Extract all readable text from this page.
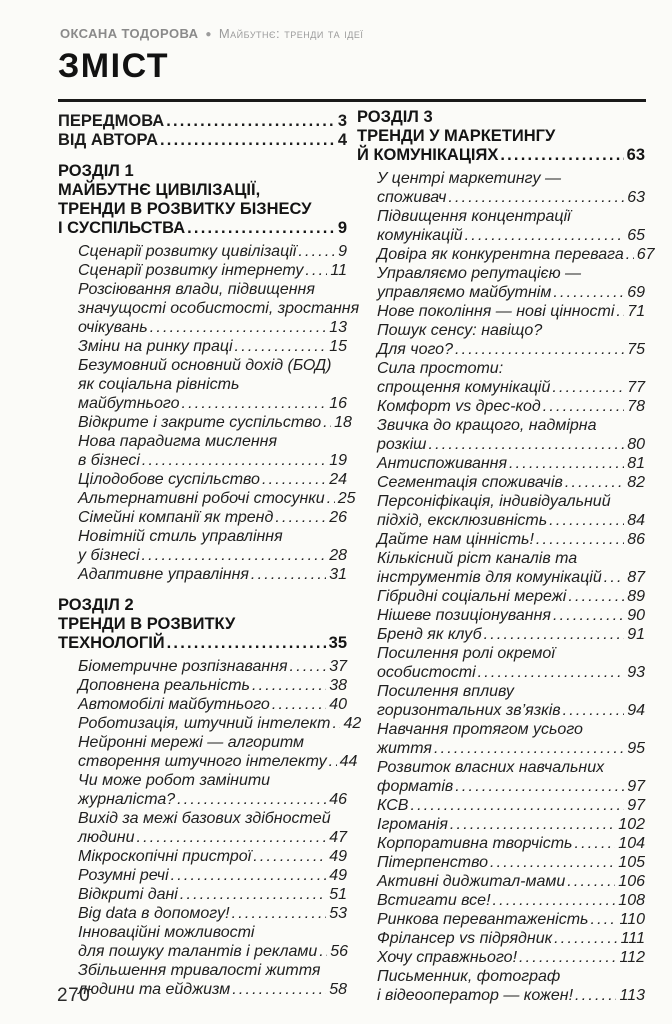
ОКСАНА ТОДОРОВА ● Майбутнє: тренди та ідеї
ЗМІСТ
ПЕРЕДМОВА .....	3
ВІД АВТОРА .....	4
РОЗДІЛ 1
МАЙБУТНЄ ЦИВІЛІЗАЦІЇ,
ТРЕНДИ В РОЗВИТКУ БІЗНЕСУ
І СУСПІЛЬСТВА .....	9
Сценарії розвитку цивілізації .....	9
Сценарії розвитку інтернету ..... 11
Розсіювання влади, підвищення
значущості особистості, зростання
очікувань .....	13
Зміни на ринку праці .....	15
Безумовний основний дохід (БОД)
як соціальна рівність
майбутнього .....	16
Відкрите і закрите суспільство ..... 18
Нова парадигма мислення
в бізнесі .....	19
Цілодобове суспільство .....	24
Альтернативні робочі стосунки ..... 25
Сімейні компанії як тренд .....	26
Новітній стиль управління
у бізнесі .....	28
Адаптивне управління .....	31
РОЗДІЛ 2
ТРЕНДИ В РОЗВИТКУ
ТЕХНОЛОГІЙ .....	35
Біометричне розпізнавання .....	37
Доповнена реальність .....	38
Автомобілі майбутнього .....	40
Роботизація, штучний інтелект ..... 42
Нейронні мережі — алгоритм
створення штучного інтелекту ..... 44
Чи може робот замінити
журналіста? .....	46
Вихід за межі базових здібностей
людини .....	47
Мікроскопічні пристрої .....	49
Розумні речі .....	49
Відкриті дані .....	51
Big data в допомогу! .....	53
Інноваційні можливості
для пошуку талантів і реклами ..... 56
Збільшення тривалості життя
людини та ейджизм .....	58
РОЗДІЛ 3
ТРЕНДИ У МАРКЕТИНГУ
Й КОМУНІКАЦІЯХ .....	63
У центрі маркетингу —
споживач .....	63
Підвищення концентрації
комунікацій .....	65
Довіра як конкурентна перевага ..... 67
Управляємо репутацією —
управляємо майбутнім .....	69
Нове покоління — нові цінності ..... 71
Пошук сенсу: навіщо?
Для чого? .....	75
Сила простоти:
спрощення комунікацій .....	77
Комфорт vs дрес-код .....	78
Звичка до кращого, надмірна
розкіш .....	80
Антиспоживання .....	81
Сегментація споживачів .....	82
Персоніфікація, індивідуальний
підхід, ексклюзивність .....	84
Дайте нам цінність! .....	86
Кількісний ріст каналів та
інструментів для комунікацій ..... 87
Гібридні соціальні мережі .....	89
Нішеве позиціонування .....	90
Бренд як клуб .....	91
Посилення ролі окремої
особистості .....	93
Посилення впливу
горизонтальних зв’язків .....	94
Навчання протягом усього
життя .....	95
Розвиток власних навчальних
форматів .....	97
КСВ .....	97
Ігроманія .....	102
Корпоративна творчість .....	104
Пітерпенство .....	105
Активні диджитал-мами .....	106
Встигати все! .....	108
Ринкова перевантаженість ..... 110
Фрілансер vs підрядник .....	111
Хочу справжнього! .....	112
Письменник, фотограф
і відеооператор — кожен! .....	113
270
